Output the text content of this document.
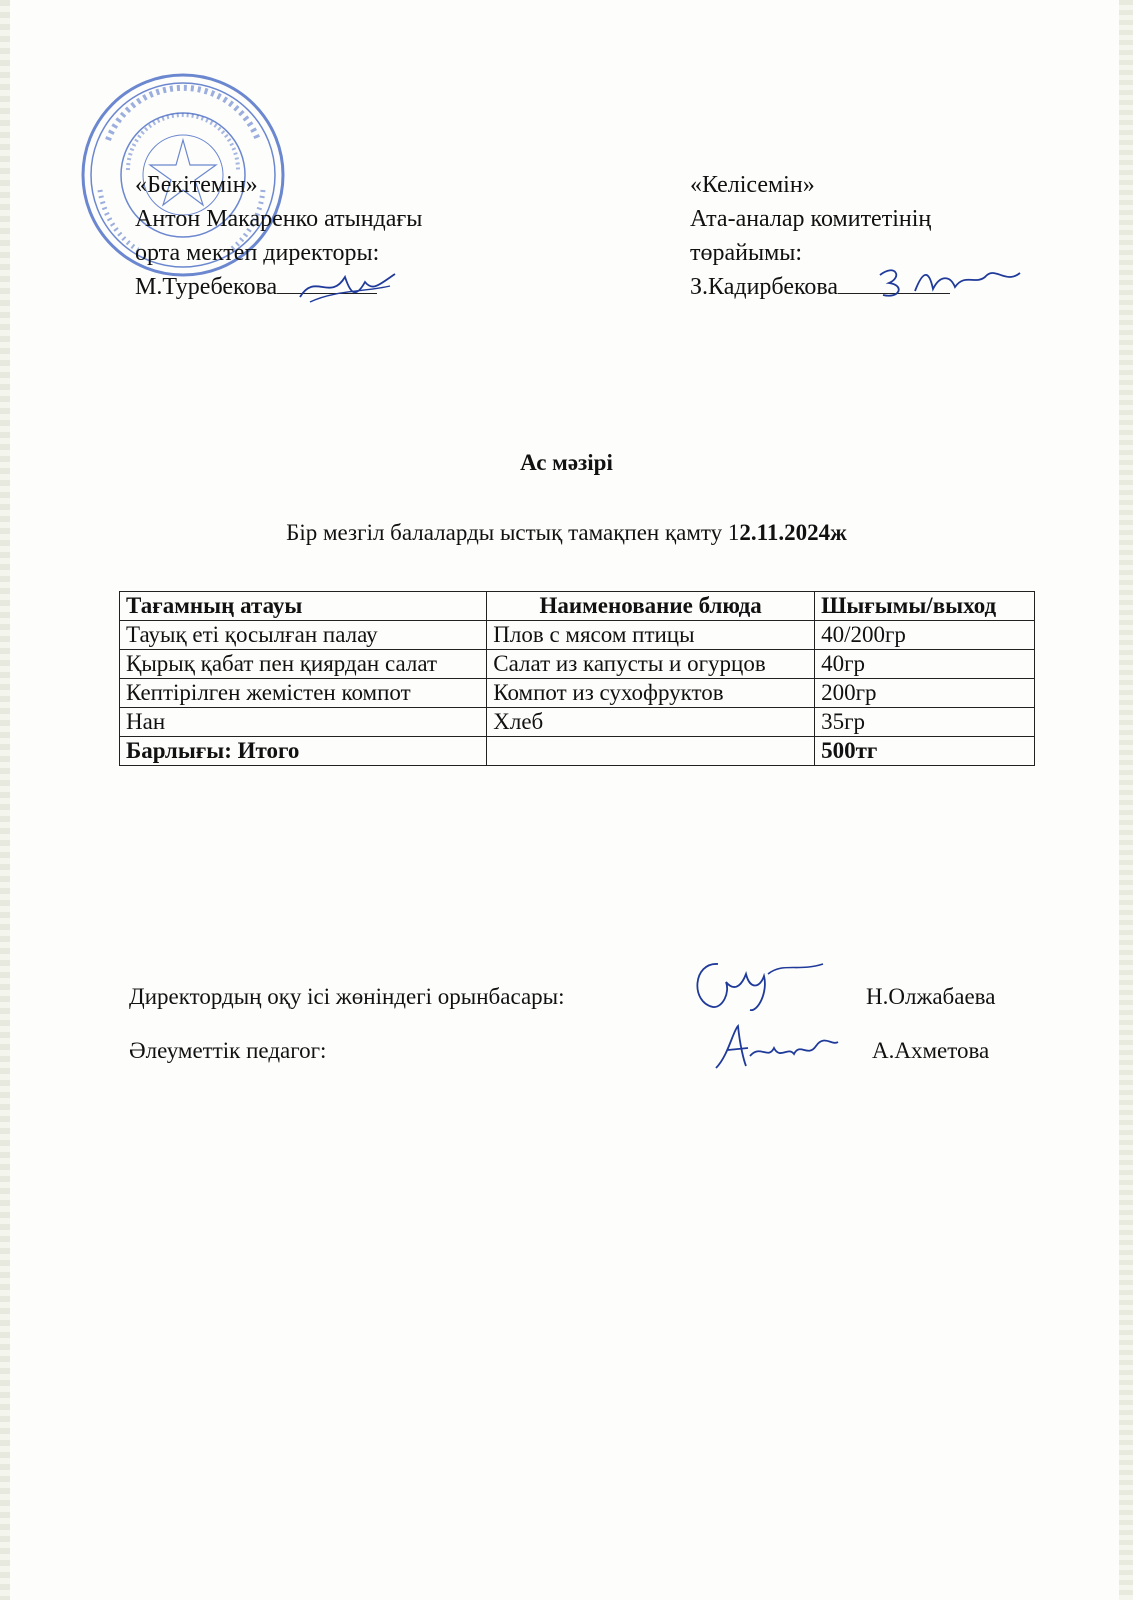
«Бекітемін»
Антон Макаренко атындағы
орта мектеп директоры:
М.Туребекова
«Келісемін»
Ата-аналар комитетінің
төрайымы:
З.Кадирбекова
Ас мәзірі
Бір мезгіл балаларды ыстық тамақпен қамту 12.11.2024ж
Тағамның атауы	Наименование блюда	Шығымы/выход
Тауық еті қосылған палау	Плов с мясом птицы	40/200гр
Қырық қабат пен қиярдан салат	Салат из капусты и огурцов	40гр
Кептірілген жемістен компот	Компот из сухофруктов	200гр
Нан	Хлеб	35гр
Барлығы: Итого		500тг
Директордың оқу ісі жөніндегі орынбасары:	Н.Олжабаева
Әлеуметтік педагог:	А.Ахметова
